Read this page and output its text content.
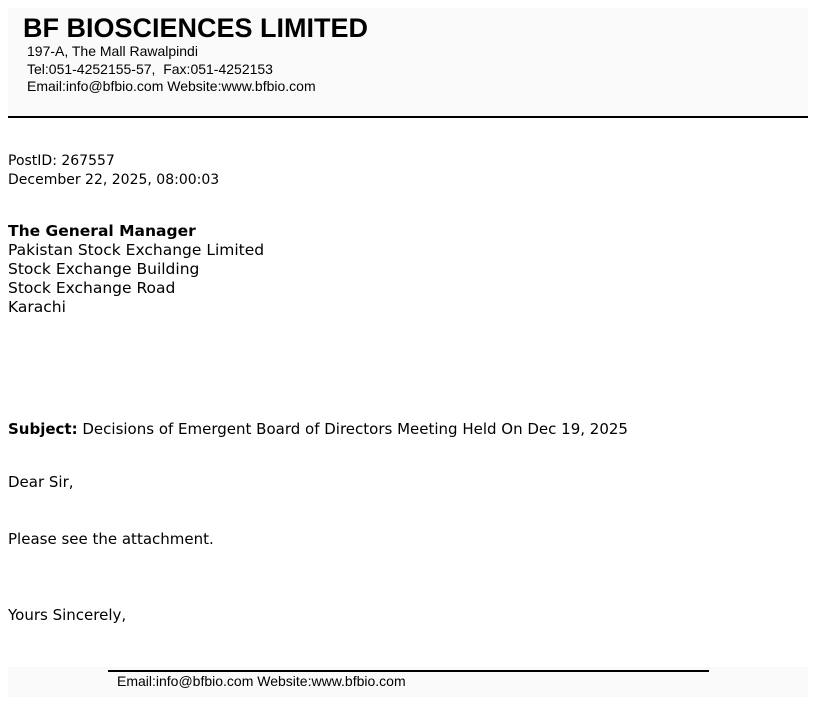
BF BIOSCIENCES LIMITED
197-A, The Mall Rawalpindi
Tel:051-4252155-57,  Fax:051-4252153
Email:info@bfbio.com Website:www.bfbio.com
PostID: 267557
December 22, 2025, 08:00:03
The General Manager
Pakistan Stock Exchange Limited
Stock Exchange Building
Stock Exchange Road
Karachi
Subject: Decisions of Emergent Board of Directors Meeting Held On Dec 19, 2025
Dear Sir,
Please see the attachment.
Yours Sincerely,
Email:info@bfbio.com Website:www.bfbio.com
